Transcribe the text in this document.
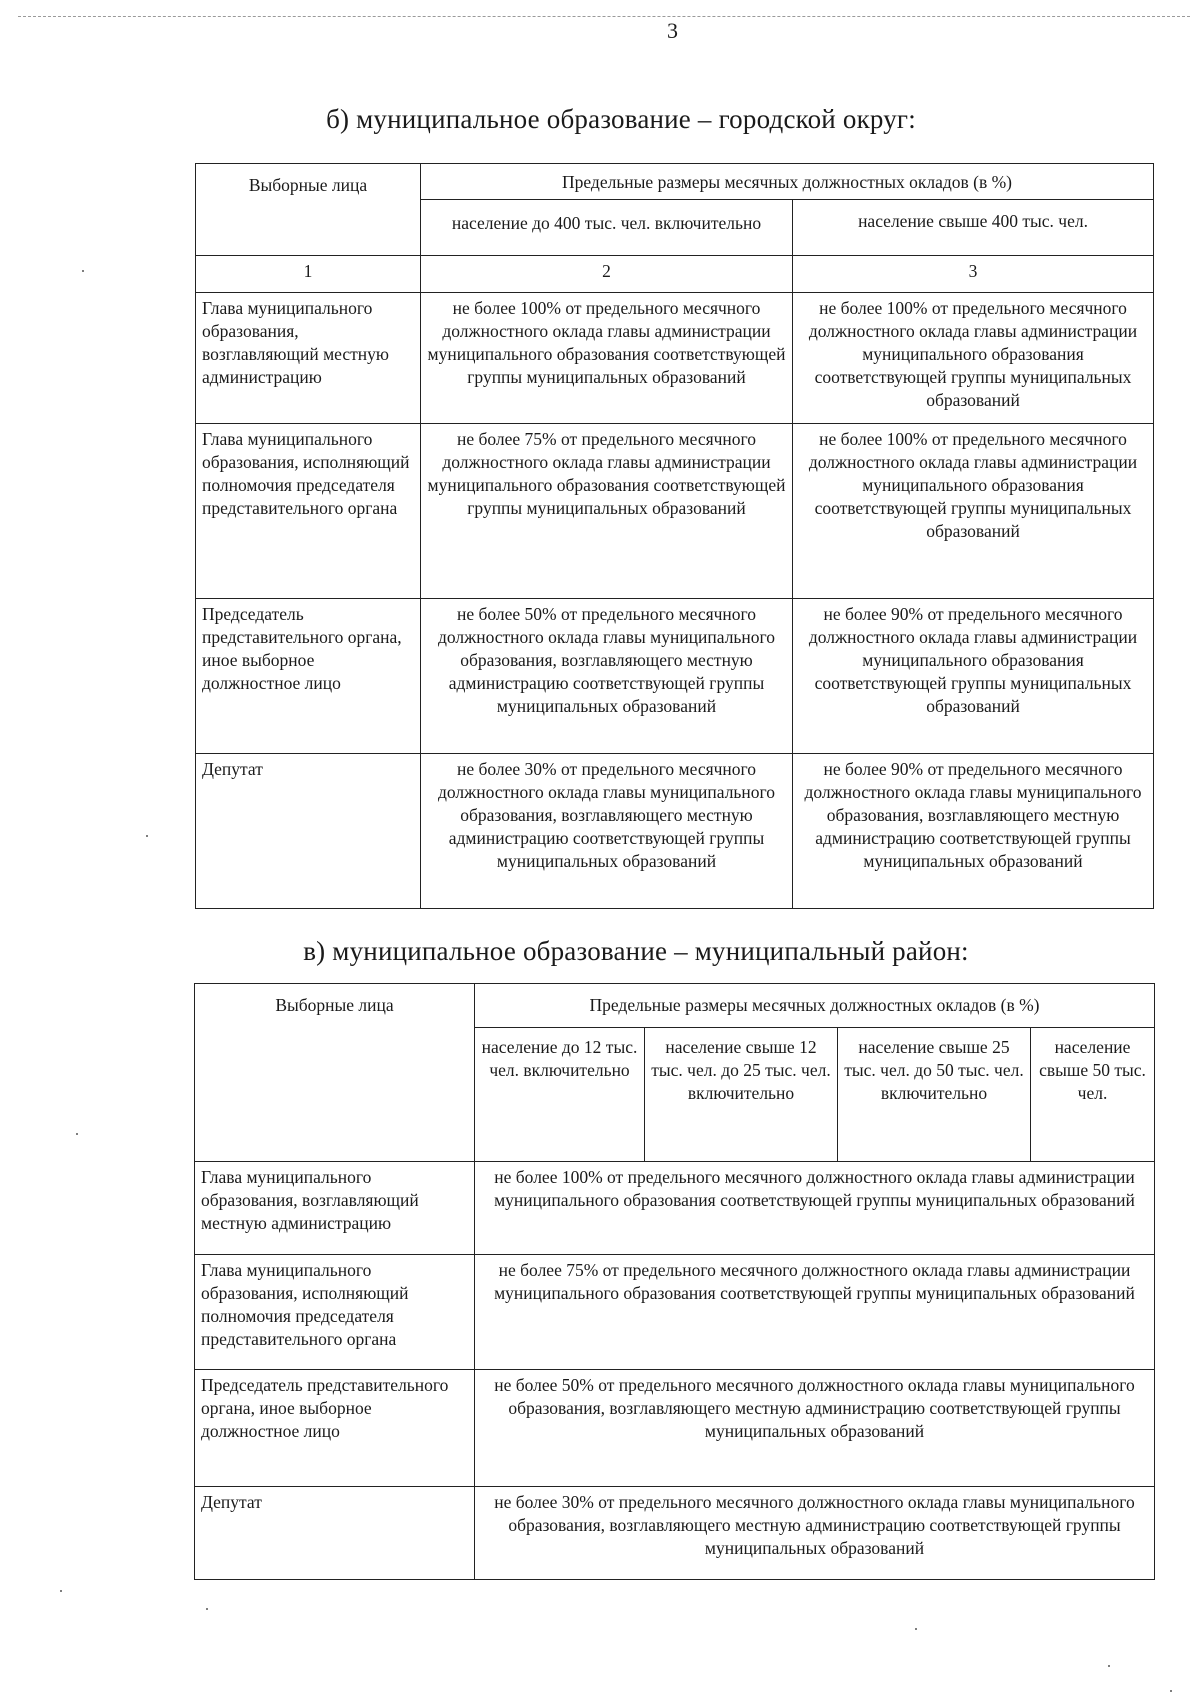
3
б) муниципальное образование – городской округ:
Выборные лица	Предельные размеры месячных должностных окладов (в %)	
	население до 400 тыс. чел. включительно	население свыше 400 тыс. чел.
1	2	3
Глава муниципального образования, возглавляющий местную администрацию	не более 100% от предельного месячного должностного оклада главы администрации муниципального образования соответствующей группы муниципальных образований	не более 100% от предельного месячного должностного оклада главы администрации муниципального образования соответствующей группы муниципальных образований
Глава муниципального образования, исполняющий полномочия председателя представительного органа	не более 75% от предельного месячного должностного оклада главы администрации муниципального образования соответствующей группы муниципальных образований	не более 100% от предельного месячного должностного оклада главы администрации муниципального образования соответствующей группы муниципальных образований
Председатель представительного органа, иное выборное должностное лицо	не более 50% от предельного месячного должностного оклада главы муниципального образования, возглавляющего местную администрацию соответствующей группы муниципальных образований	не более 90% от предельного месячного должностного оклада главы администрации муниципального образования соответствующей группы муниципальных образований
Депутат	не более 30% от предельного месячного должностного оклада главы муниципального образования, возглавляющего местную администрацию соответствующей группы муниципальных образований	не более 90% от предельного месячного должностного оклада главы муниципального образования, возглавляющего местную администрацию соответствующей группы муниципальных образований
в) муниципальное образование – муниципальный район:
Выборные лица	Предельные размеры месячных должностных окладов (в %)			
	население до 12 тыс. чел. включительно	население свыше 12 тыс. чел. до 25 тыс. чел. включительно	население свыше 25 тыс. чел. до 50 тыс. чел. включительно	население свыше 50 тыс. чел.
Глава муниципального образования, возглавляющий местную администрацию	не более 100% от предельного месячного должностного оклада главы администрации муниципального образования соответствующей группы муниципальных образований			
Глава муниципального образования, исполняющий полномочия председателя представительного органа	не более 75% от предельного месячного должностного оклада главы администрации муниципального образования соответствующей группы муниципальных образований			
Председатель представительного органа, иное выборное должностное лицо	не более 50% от предельного месячного должностного оклада главы муниципального образования, возглавляющего местную администрацию соответствующей группы муниципальных образований			
Депутат	не более 30% от предельного месячного должностного оклада главы муниципального образования, возглавляющего местную администрацию соответствующей группы муниципальных образований			
